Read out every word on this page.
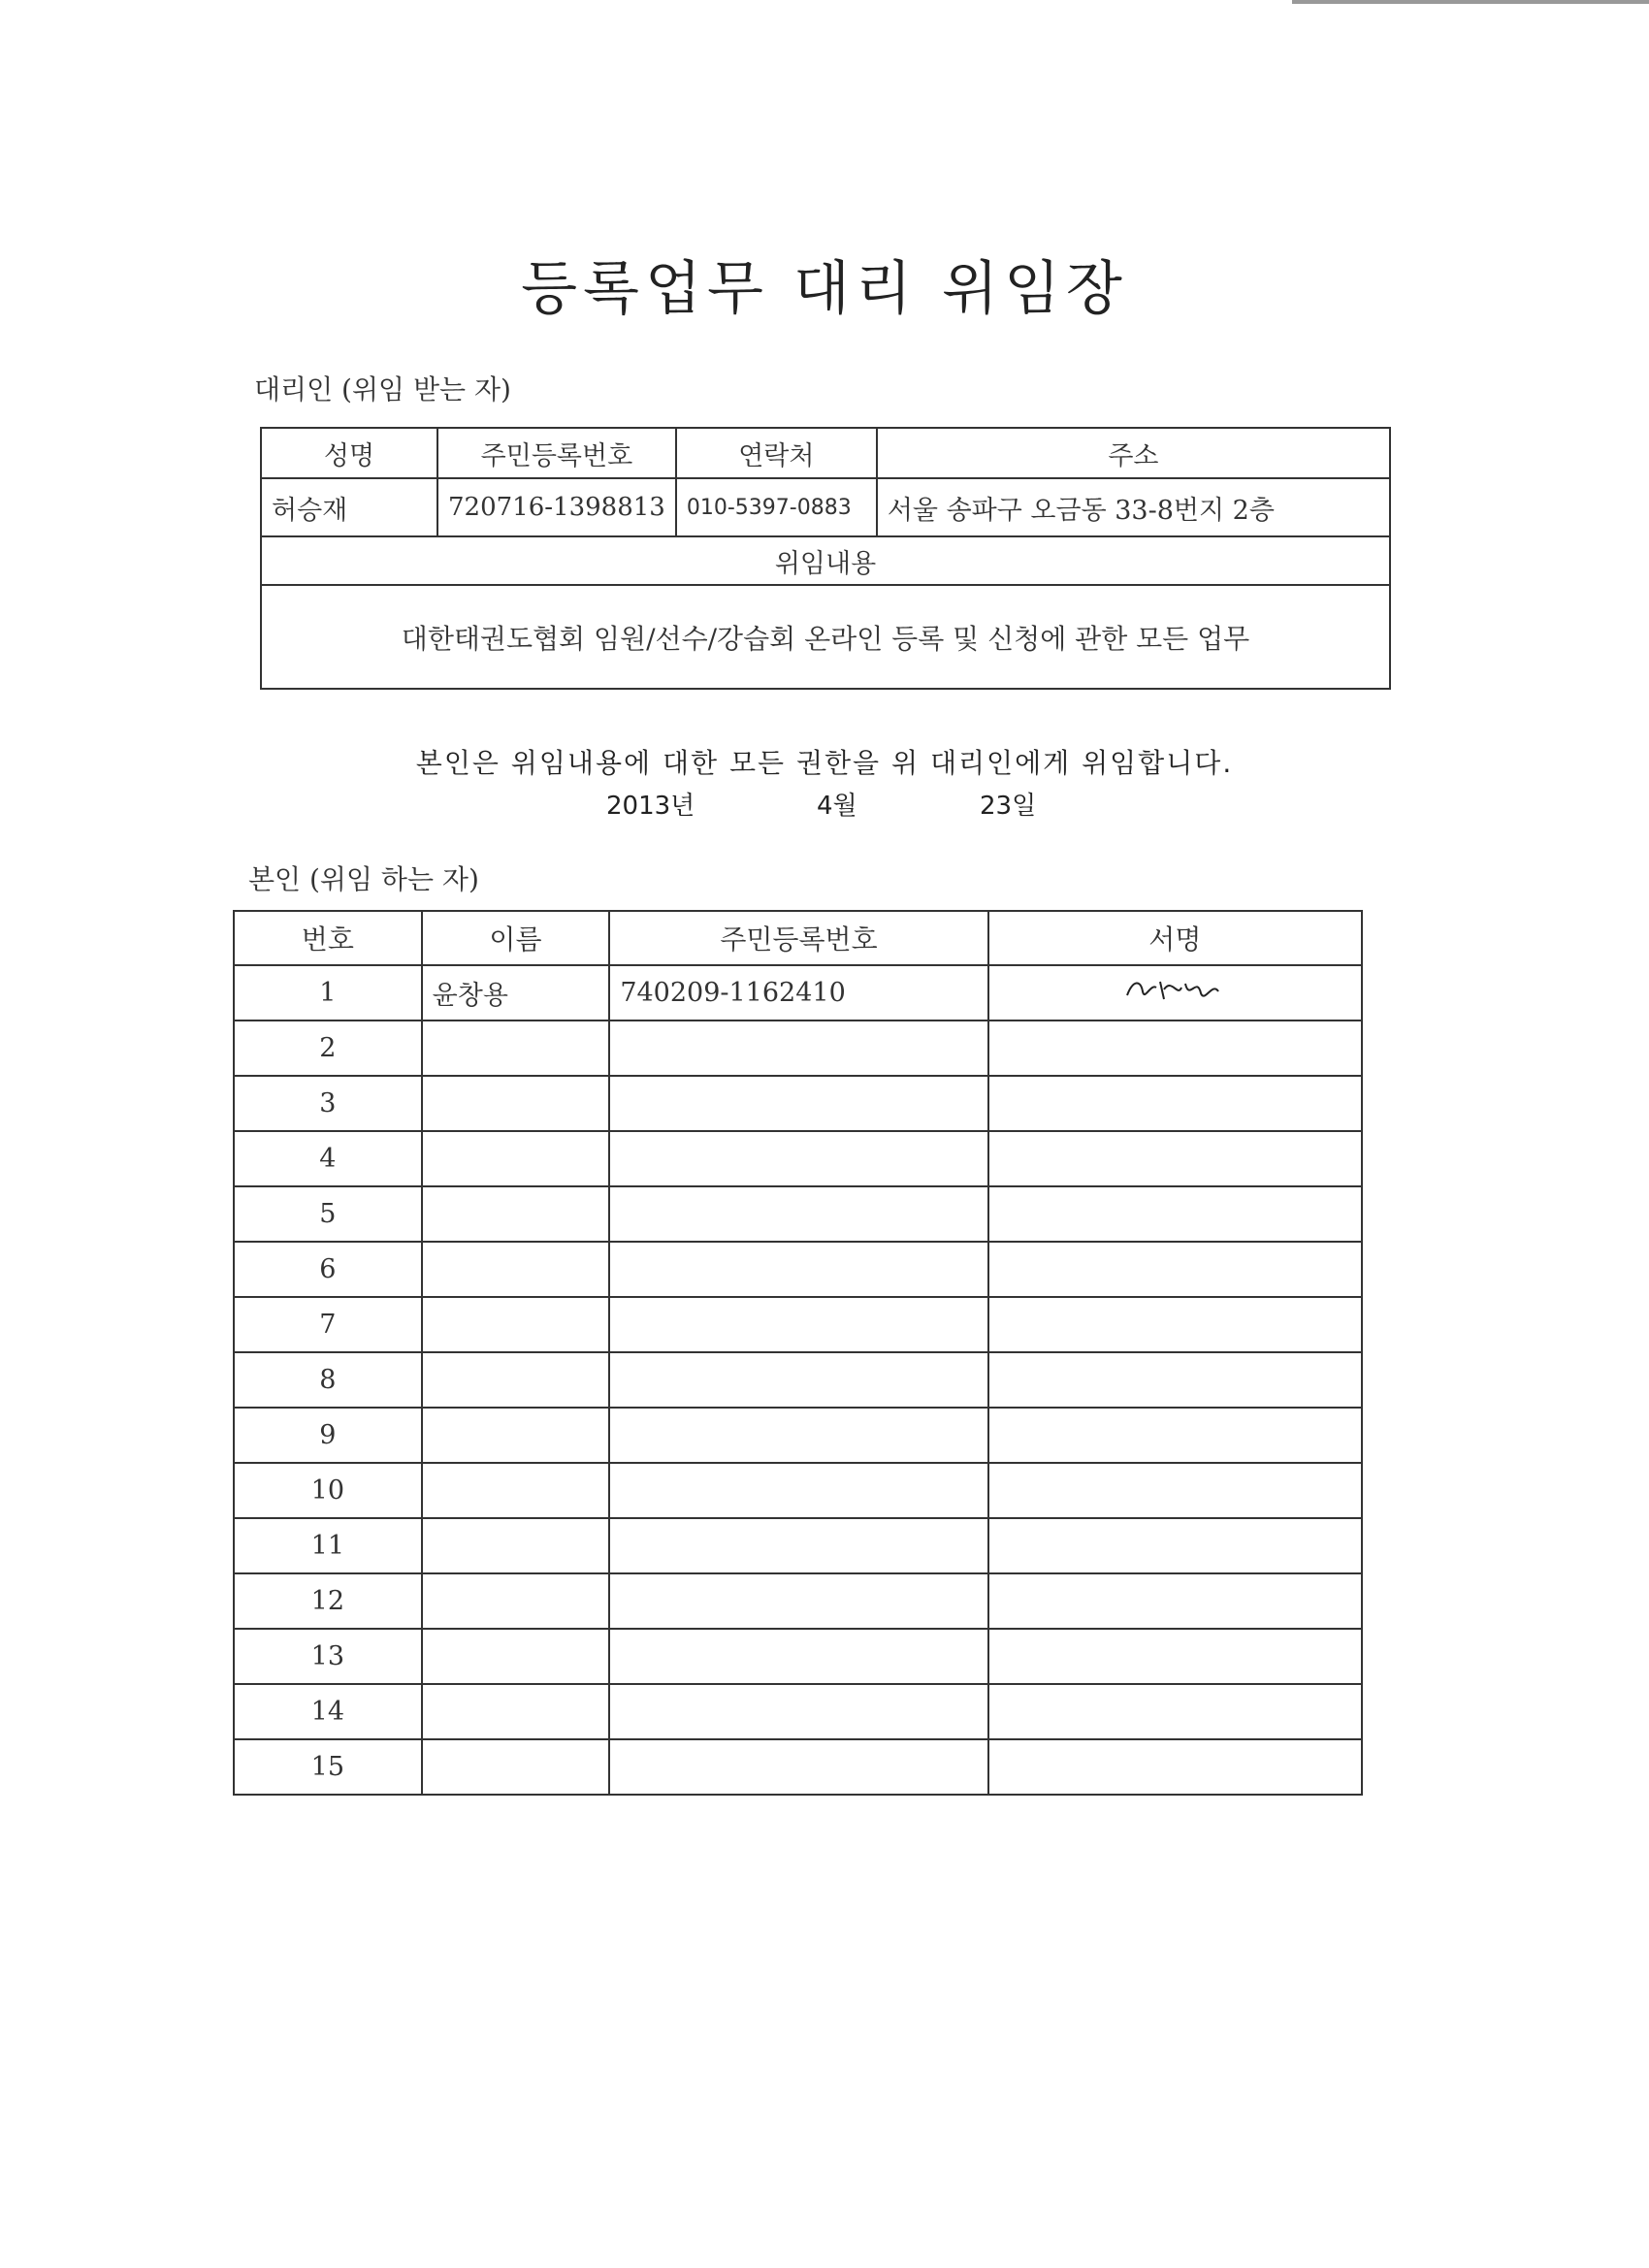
등록업무 대리 위임장
대리인 (위임 받는 자)
성명	주민등록번호	연락처	주소
허승재	720716-1398813	010-5397-0883	서울 송파구 오금동 33-8번지 2층
위임내용			
대한태권도협회 임원/선수/강습회 온라인 등록 및 신청에 관한 모든 업무			
본인은 위임내용에 대한 모든 권한을 위 대리인에게 위임합니다.
2013년	4월	23일
본인 (위임 하는 자)
번호	이름	주민등록번호	서명
1	윤창용	740209-1162410	
2			
3			
4			
5			
6			
7			
8			
9			
10			
11			
12			
13			
14			
15			
